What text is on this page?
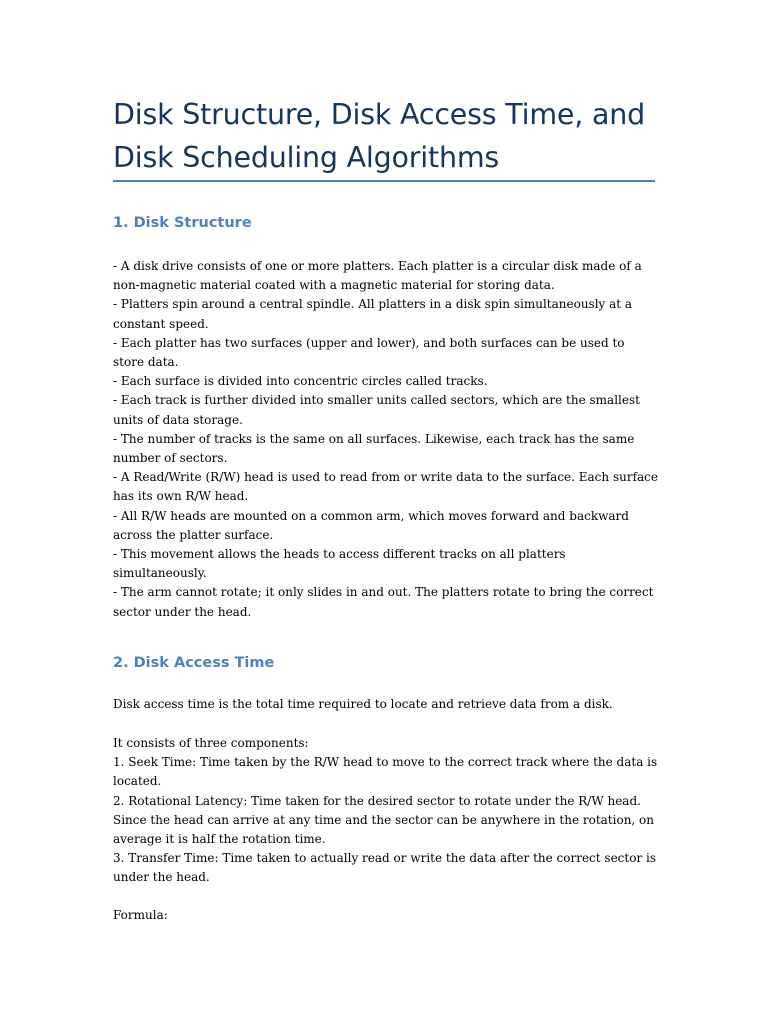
Disk Structure, Disk Access Time, and Disk Scheduling Algorithms
1. Disk Structure

- A disk drive consists of one or more platters. Each platter is a circular disk made of a non-magnetic material coated with a magnetic material for storing data.

- Platters spin around a central spindle. All platters in a disk spin simultaneously at a constant speed.

- Each platter has two surfaces (upper and lower), and both surfaces can be used to store data.

- Each surface is divided into concentric circles called tracks.

- Each track is further divided into smaller units called sectors, which are the smallest units of data storage.

- The number of tracks is the same on all surfaces. Likewise, each track has the same number of sectors.

- A Read/Write (R/W) head is used to read from or write data to the surface. Each surface has its own R/W head.

- All R/W heads are mounted on a common arm, which moves forward and backward across the platter surface.

- This movement allows the heads to access different tracks on all platters simultaneously.

- The arm cannot rotate; it only slides in and out. The platters rotate to bring the correct sector under the head.

2. Disk Access Time

Disk access time is the total time required to locate and retrieve data from a disk.

It consists of three components:

1. Seek Time: Time taken by the R/W head to move to the correct track where the data is located.

2. Rotational Latency: Time taken for the desired sector to rotate under the R/W head. Since the head can arrive at any time and the sector can be anywhere in the rotation, on average it is half the rotation time.

3. Transfer Time: Time taken to actually read or write the data after the correct sector is under the head.

Formula:
